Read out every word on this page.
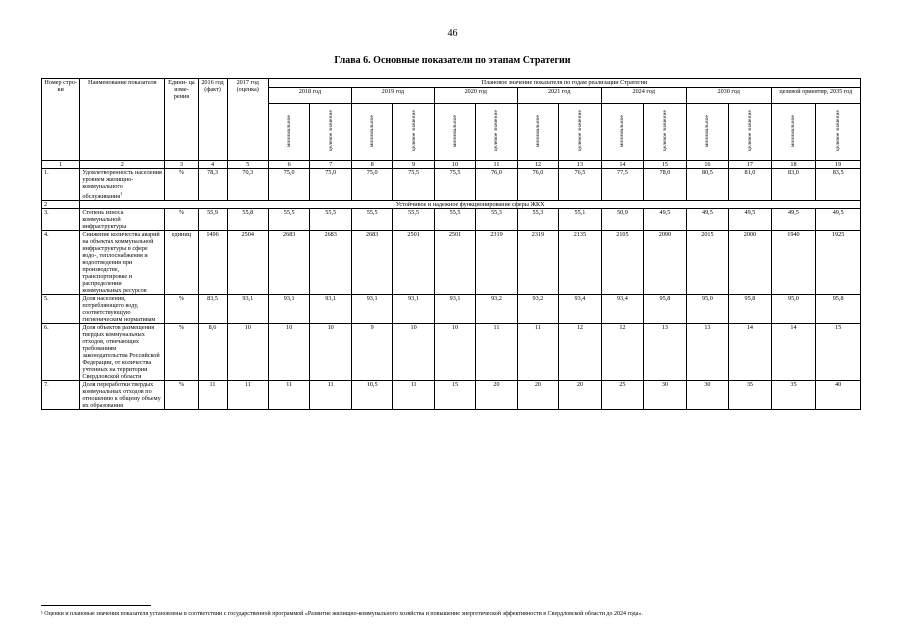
46
Глава 6. Основные показатели по этапам Стратегии
Номер стро- ки	Наименование показателя	Едини- ца изме- рения	2016 год (факт)	2017 год (оценка)	Плановое значение показателя по годам реализации Стратегии													
					2018 год		2019 год		2020 год		2021 год		2024 год		2030 год		целевой ориентир, 2035 год	
					минимальное	целевое значение	минимальное	целевое значение	минимальное	целевое значение	минимальное	целевое значение	минимальное	целевое значение	минимальное	целевое значение	минимальное	целевое значение
1	2	3	4	5	6	7	8	9	10	11	12	13	14	15	16	17	18	19
1.	Удовлетворенность населения уровнем жилищно-коммунального обслуживания$^1$	%	78,3	70,3	75,0	75,0	75,0	75,5	75,5	76,0	76,0	76,5	77,5	78,0	80,5	81,0	83,0	83,5
2	Устойчивое и надежное функционирование сферы ЖКХ																	
3.	Степень износа коммунальной инфраструктуры	%	55,9	55,8	55,5	55,5	55,5	55,5	55,5	55,3	55,3	55,1	50,9	49,5	49,5	49,5	49,5	49,5
4.	Снижение количества аварий на объектах коммунальной инфраструктуры в сфере водо-, теплоснабжения и водоотведения при производстве, транспортировке и распределении коммунальных ресурсов	единиц	1496	2504	2683	2683	2683	2501	2501	2319	2319	2135	2105	2090	2015	2000	1940	1925
5.	Доля населения, потребляющего воду, соответствующую гигиеническим нормативам	%	83,5	93,1	93,1	93,1	93,1	93,1	93,1	93,2	93,2	93,4	93,4	95,8	95,0	95,8	95,0	95,8
6.	Доля объектов размещения твердых коммунальных отходов, отвечающих требованиям законодательства Российской Федерации, от количества учтенных на территории Свердловской области	%	8,6	10	10	10	9	10	10	11	11	12	12	13	13	14	14	15
7.	Доля переработки твердых коммунальных отходов по отношению к общему объему их образования	%	11	11	11	11	10,5	11	15	20	20	20	25	30	30	35	35	40
¹ Оценки и плановые значения показателя установлены в соответствии с государственной программой «Развитие жилищно-коммунального хозяйства и повышение энергетической эффективности в Свердловской области до 2024 года».
